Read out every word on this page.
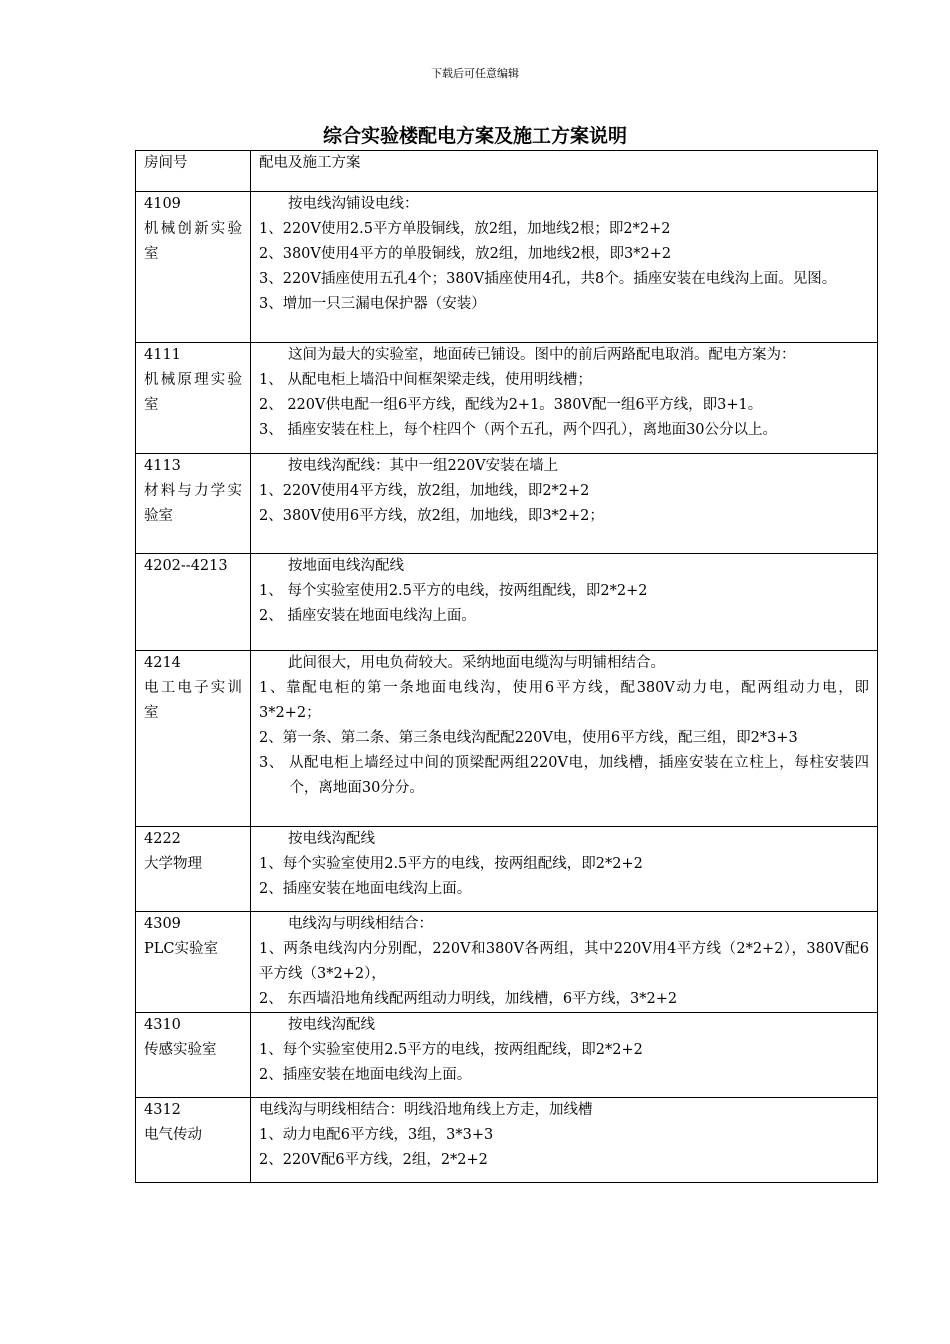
下载后可任意编辑
综合实验楼配电方案及施工方案说明
房间号	配电及施工方案

4109
机械创新实验室	按电线沟铺设电线：
1、220V使用2.5平方单股铜线，放2组，加地线2根；即2*2+2
2、380V使用4平方的单股铜线，放2组，加地线2根，即3*2+2
3、220V插座使用五孔4个；380V插座使用4孔，共8个。插座安装在电线沟上面。见图。
3、增加一只三漏电保护器（安装）

4111
机械原理实验室	这间为最大的实验室，地面砖已铺设。图中的前后两路配电取消。配电方案为：
1、 从配电柜上墙沿中间框架梁走线，使用明线槽；
2、 220V供电配一组6平方线，配线为2+1。380V配一组6平方线，即3+1。
3、 插座安装在柱上，每个柱四个（两个五孔，两个四孔），离地面30公分以上。

4113
材料与力学实验室	按电线沟配线：其中一组220V安装在墙上
1、220V使用4平方线，放2组，加地线，即2*2+2
2、380V使用6平方线，放2组，加地线，即3*2+2；

4202--4213	按地面电线沟配线
1、 每个实验室使用2.5平方的电线，按两组配线，即2*2+2
2、 插座安装在地面电线沟上面。

4214
电工电子实训室	此间很大，用电负荷较大。采纳地面电缆沟与明铺相结合。
1、靠配电柜的第一条地面电线沟，使用6平方线，配380V动力电，配两组动力电，即3*2+2；
2、第一条、第二条、第三条电线沟配配220V电，使用6平方线，配三组，即2*3+3
3、 从配电柜上墙经过中间的顶梁配两组220V电，加线槽，插座安装在立柱上，每柱安装四个，离地面30分分。

4222
大学物理	按电线沟配线
1、每个实验室使用2.5平方的电线，按两组配线，即2*2+2
2、插座安装在地面电线沟上面。

4309
PLC实验室	电线沟与明线相结合：
1、两条电线沟内分别配，220V和380V各两组，其中220V用4平方线（2*2+2），380V配6平方线（3*2+2），
2、 东西墙沿地角线配两组动力明线，加线槽，6平方线，3*2+2

4310
传感实验室	按电线沟配线
1、每个实验室使用2.5平方的电线，按两组配线，即2*2+2
2、插座安装在地面电线沟上面。

4312
电气传动	电线沟与明线相结合：明线沿地角线上方走，加线槽
1、动力电配6平方线，3组，3*3+3
2、220V配6平方线，2组，2*2+2
